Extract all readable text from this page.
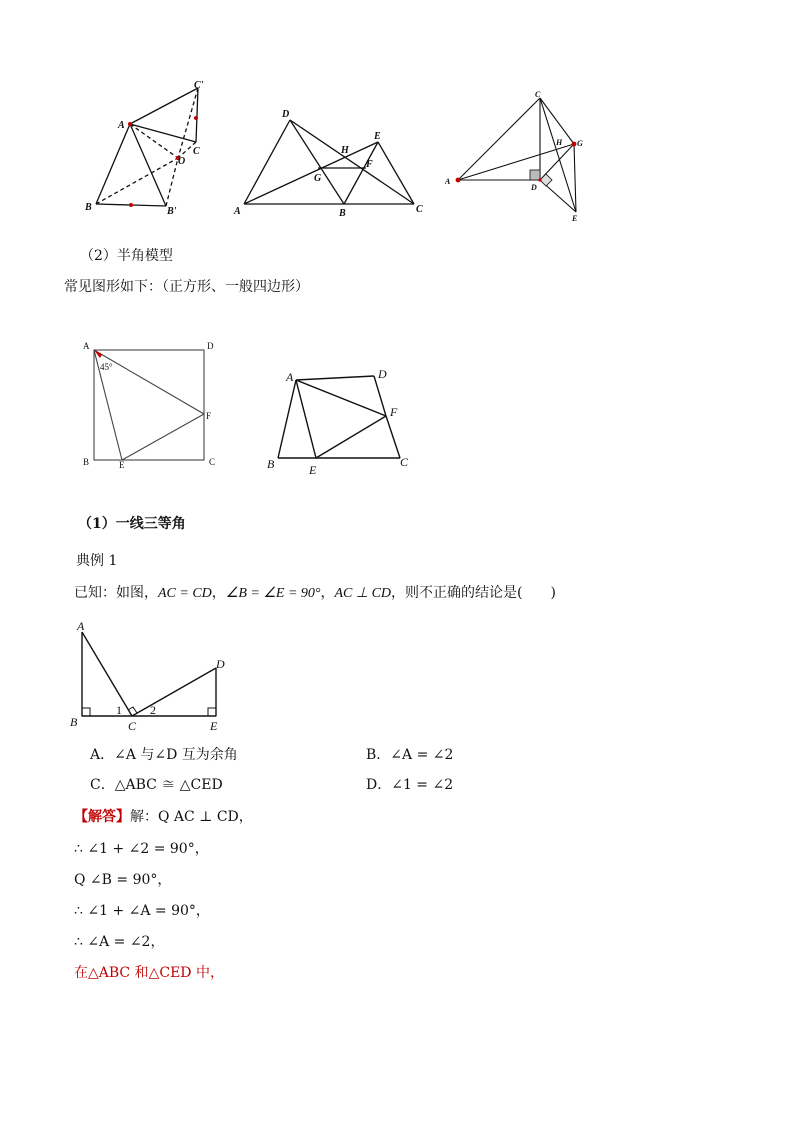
C'
A
O
C
B	B'
D
E
H
F
G
A	B	C
C
H G
D
A
E
（2）半角模型
常见图形如下：（正方形、一般四边形）
A	D
F
B	E	C
45°
A	D
F
B	E
C
（1）一线三等角
典例 1
已知：如图，AC = CD，∠B = ∠E = 90°，AC ⊥ CD，则不正确的结论是(　　)
A
D
B	C	E
1 2
A．∠A 与∠D 互为余角	B．∠A = ∠2
C．△ABC ≅ △CED	D．∠1 = ∠2
【解答】解：Q AC ⊥ CD，
∴ ∠1 + ∠2 = 90°，
Q ∠B = 90°，
∴ ∠1 + ∠A = 90°，
∴ ∠A = ∠2，
在△ABC 和△CED 中，
